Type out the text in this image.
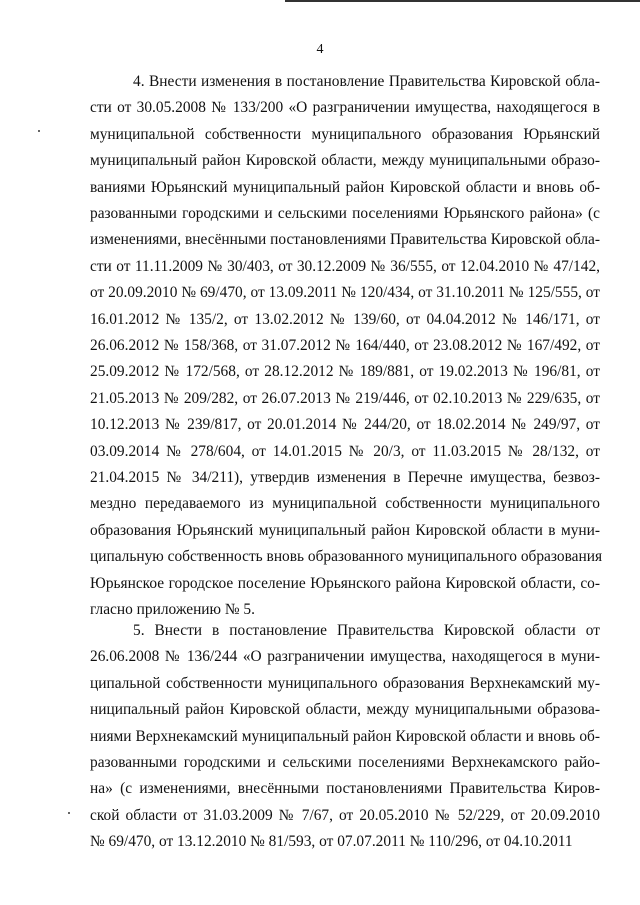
4
4. Внести изменения в постановление Правительства Кировской обла-
сти от 30.05.2008 № 133/200 «О разграничении имущества, находящегося в
муниципальной собственности муниципального образования Юрьянский
муниципальный район Кировской области, между муниципальными образо-
ваниями Юрьянский муниципальный район Кировской области и вновь об-
разованными городскими и сельскими поселениями Юрьянского района» (с
изменениями, внесёнными постановлениями Правительства Кировской обла-
сти от 11.11.2009 № 30/403, от 30.12.2009 № 36/555, от 12.04.2010 № 47/142,
от 20.09.2010 № 69/470, от 13.09.2011 № 120/434, от 31.10.2011 № 125/555, от
16.01.2012 № 135/2, от 13.02.2012 № 139/60, от 04.04.2012 № 146/171, от
26.06.2012 № 158/368, от 31.07.2012 № 164/440, от 23.08.2012 № 167/492, от
25.09.2012 № 172/568, от 28.12.2012 № 189/881, от 19.02.2013 № 196/81, от
21.05.2013 № 209/282, от 26.07.2013 № 219/446, от 02.10.2013 № 229/635, от
10.12.2013 № 239/817, от 20.01.2014 № 244/20, от 18.02.2014 № 249/97, от
03.09.2014 № 278/604, от 14.01.2015 № 20/3, от 11.03.2015 № 28/132, от
21.04.2015 № 34/211), утвердив изменения в Перечне имущества, безвоз-
мездно передаваемого из муниципальной собственности муниципального
образования Юрьянский муниципальный район Кировской области в муни-
ципальную собственность вновь образованного муниципального образования
Юрьянское городское поселение Юрьянского района Кировской области, со-
гласно приложению № 5.
5. Внести в постановление Правительства Кировской области от
26.06.2008 № 136/244 «О разграничении имущества, находящегося в муни-
ципальной собственности муниципального образования Верхнекамский му-
ниципальный район Кировской области, между муниципальными образова-
ниями Верхнекамский муниципальный район Кировской области и вновь об-
разованными городскими и сельскими поселениями Верхнекамского райо-
на» (с изменениями, внесёнными постановлениями Правительства Киров-
ской области от 31.03.2009 № 7/67, от 20.05.2010 № 52/229, от 20.09.2010
№ 69/470, от 13.12.2010 № 81/593, от 07.07.2011 № 110/296, от 04.10.2011
